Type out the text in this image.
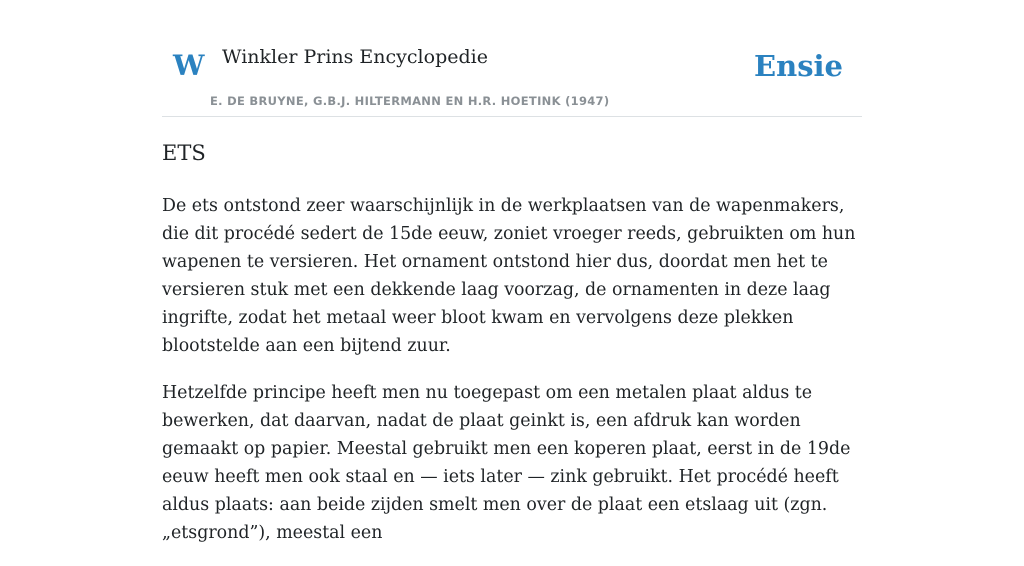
W Winkler Prins Encyclopedie
E. DE BRUYNE, G.B.J. HILTERMANN EN H.R. HOETINK (1947)
Ensie
ETS

De ets ontstond zeer waarschijnlijk in de werkplaatsen van de wapenmakers, die dit procédé sedert de 15de eeuw, zoniet vroeger reeds, gebruikten om hun wapenen te versieren. Het ornament ontstond hier dus, doordat men het te versieren stuk met een dekkende laag voorzag, de ornamenten in deze laag ingrifte, zodat het metaal weer bloot kwam en vervolgens deze plekken blootstelde aan een bijtend zuur.

Hetzelfde principe heeft men nu toegepast om een metalen plaat aldus te bewerken, dat daarvan, nadat de plaat geinkt is, een afdruk kan worden gemaakt op papier. Meestal gebruikt men een koperen plaat, eerst in de 19de eeuw heeft men ook staal en — iets later — zink gebruikt. Het procédé heeft aldus plaats: aan beide zijden smelt men over de plaat een etslaag uit (zgn. „etsgrond”), meestal een
